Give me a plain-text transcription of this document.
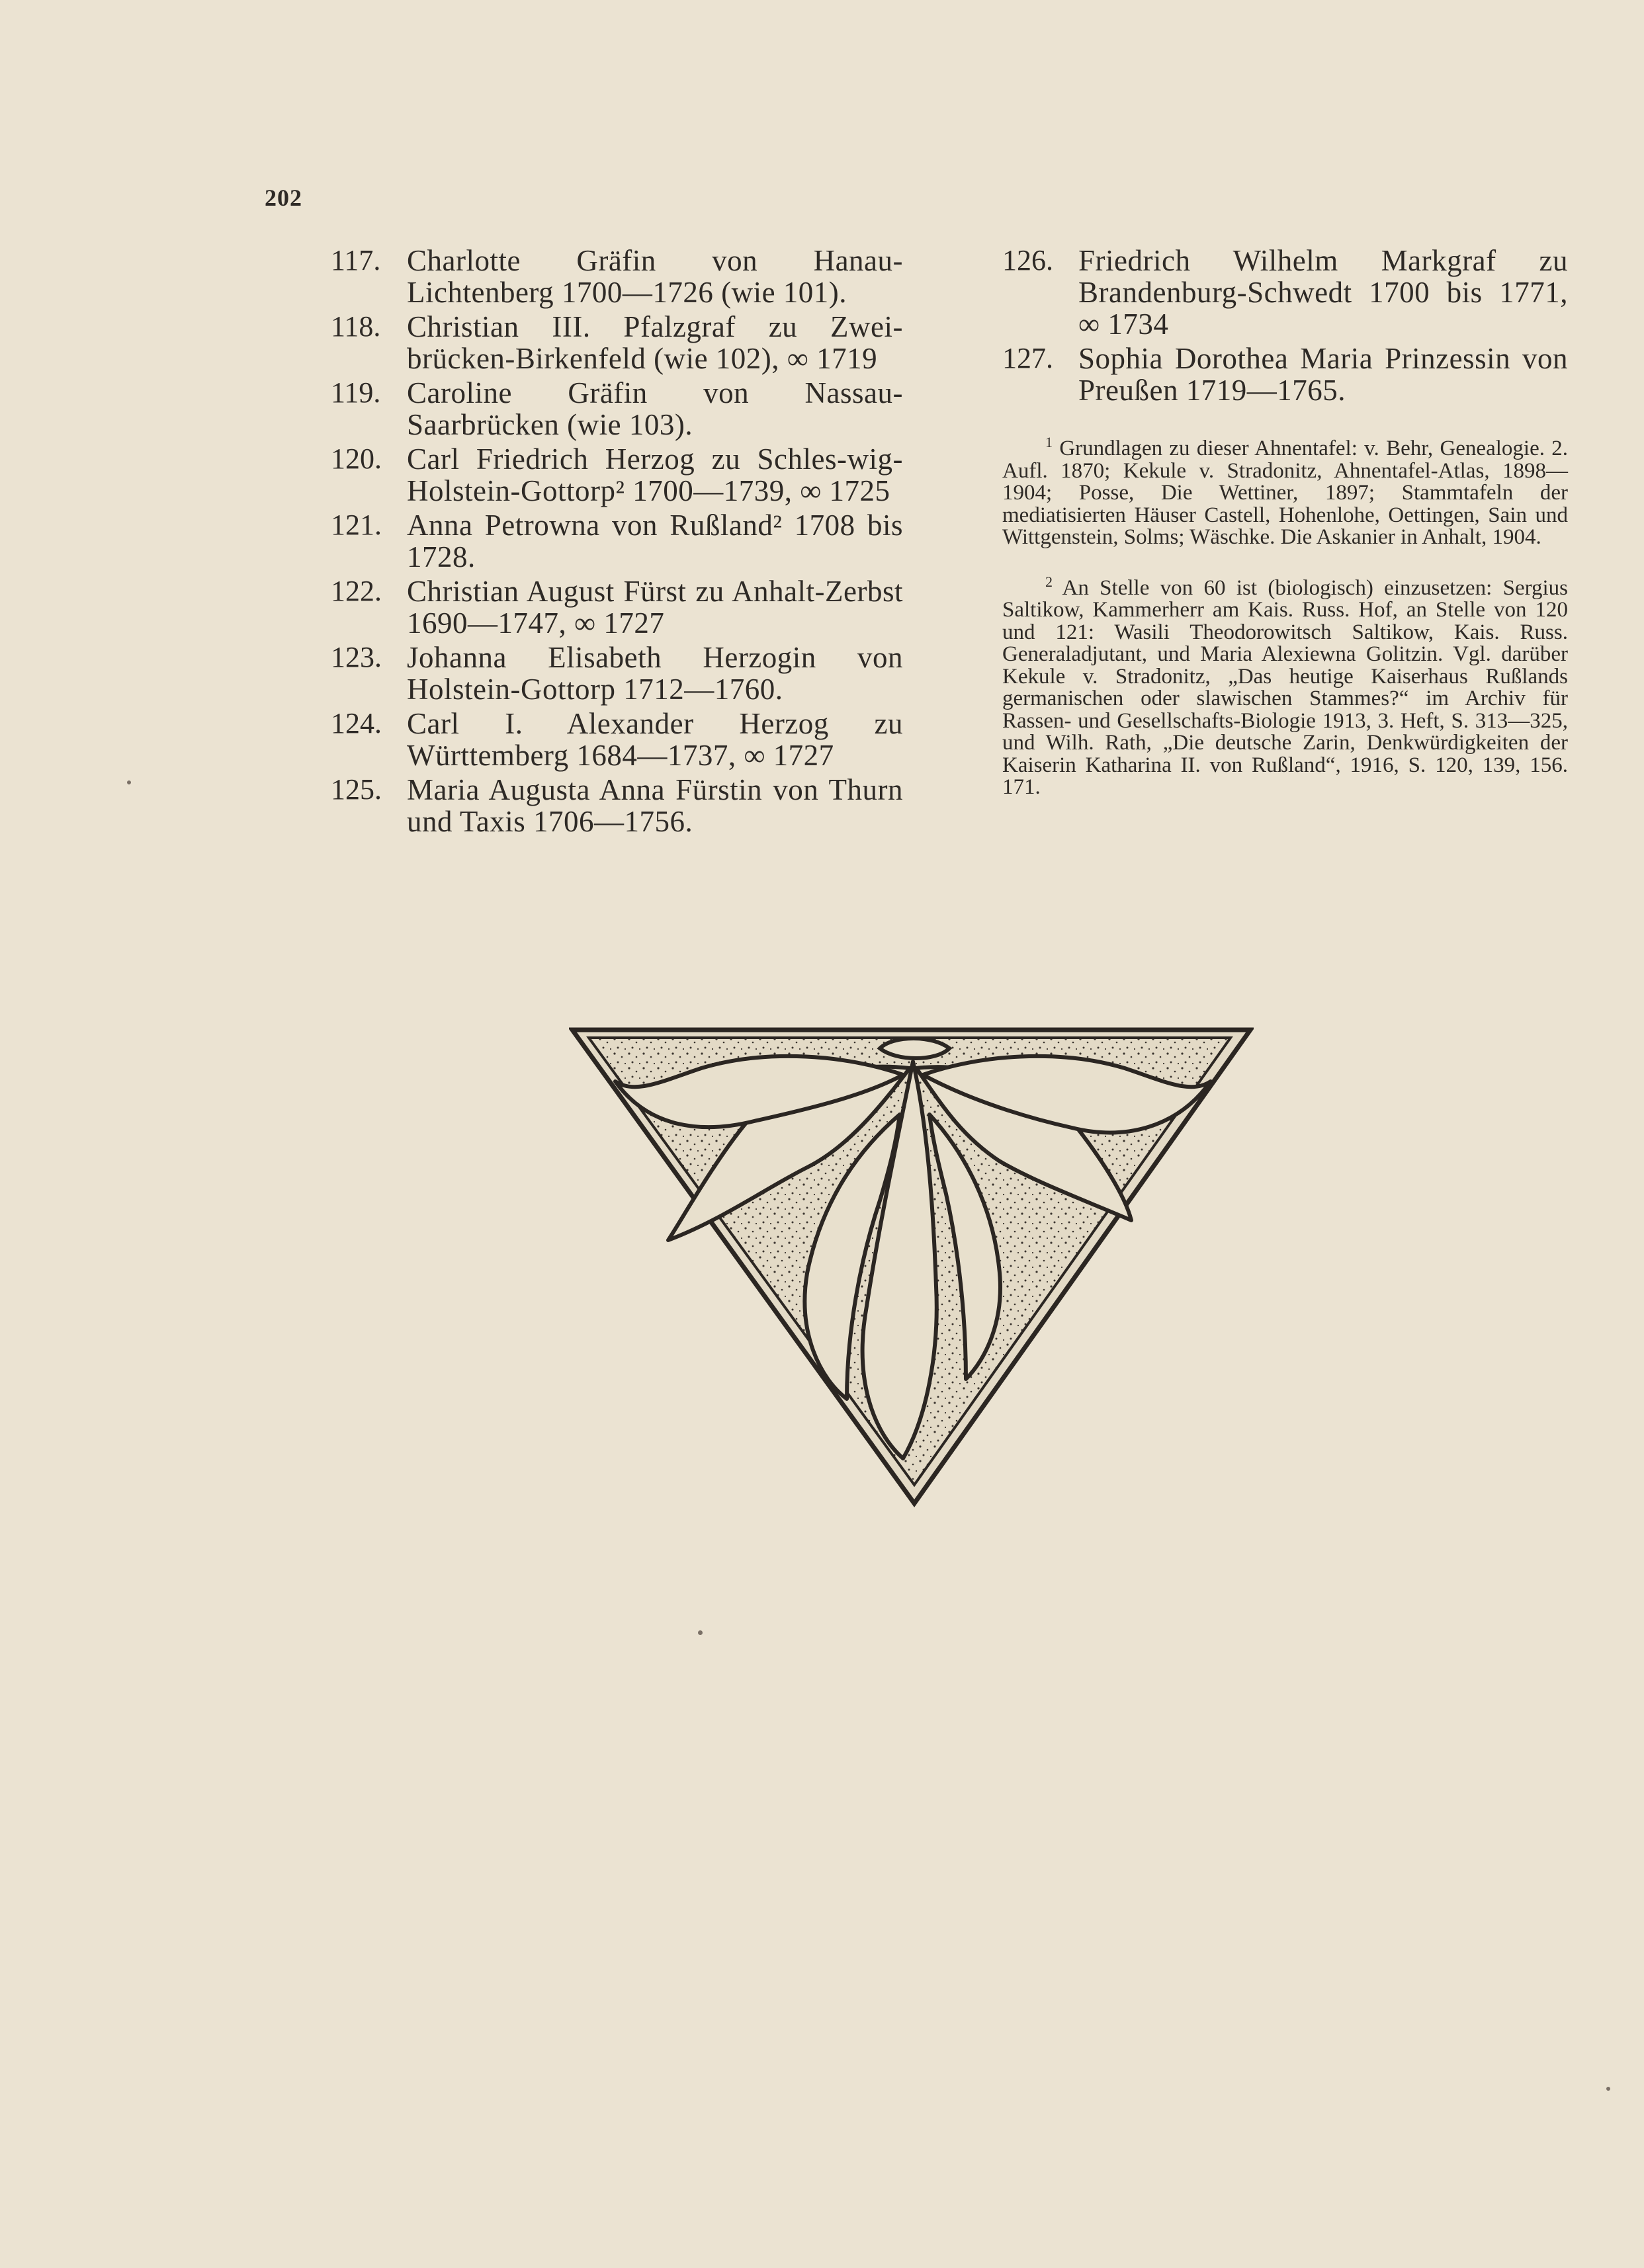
202
117. Charlotte Gräfin von Hanau-Lichtenberg 1700—1726 (wie 101).
118. Christian III. Pfalzgraf zu Zwei-brücken-Birkenfeld (wie 102), ∞ 1719
119. Caroline Gräfin von Nassau-Saarbrücken (wie 103).
120. Carl Friedrich Herzog zu Schles-wig-Holstein-Gottorp² 1700—1739, ∞ 1725
121. Anna Petrowna von Rußland² 1708 bis 1728.
122. Christian August Fürst zu Anhalt-Zerbst 1690—1747, ∞ 1727
123. Johanna Elisabeth Herzogin von Holstein-Gottorp 1712—1760.
124. Carl I. Alexander Herzog zu Württemberg 1684—1737, ∞ 1727
125. Maria Augusta Anna Fürstin von Thurn und Taxis 1706—1756.
126. Friedrich Wilhelm Markgraf zu Brandenburg-Schwedt 1700 bis 1771, ∞ 1734
127. Sophia Dorothea Maria Prinzessin von Preußen 1719—1765.

$^1$ Grundlagen zu dieser Ahnentafel: v. Behr, Genealogie. 2. Aufl. 1870; Kekule v. Stradonitz, Ahnentafel-Atlas, 1898—1904; Posse, Die Wettiner, 1897; Stammtafeln der mediatisierten Häuser Castell, Hohenlohe, Oettingen, Sain und Wittgenstein, Solms; Wäschke. Die Askanier in Anhalt, 1904.

$^2$ An Stelle von 60 ist (biologisch) einzusetzen: Sergius Saltikow, Kammerherr am Kais. Russ. Hof, an Stelle von 120 und 121: Wasili Theodorowitsch Saltikow, Kais. Russ. Generaladjutant, und Maria Alexiewna Golitzin. Vgl. darüber Kekule v. Stradonitz, „Das heutige Kaiserhaus Rußlands germanischen oder slawischen Stammes?“ im Archiv für Rassen- und Gesellschafts-Biologie 1913, 3. Heft, S. 313—325, und Wilh. Rath, „Die deutsche Zarin, Denkwürdigkeiten der Kaiserin Katharina II. von Rußland“, 1916, S. 120, 139, 156. 171.
